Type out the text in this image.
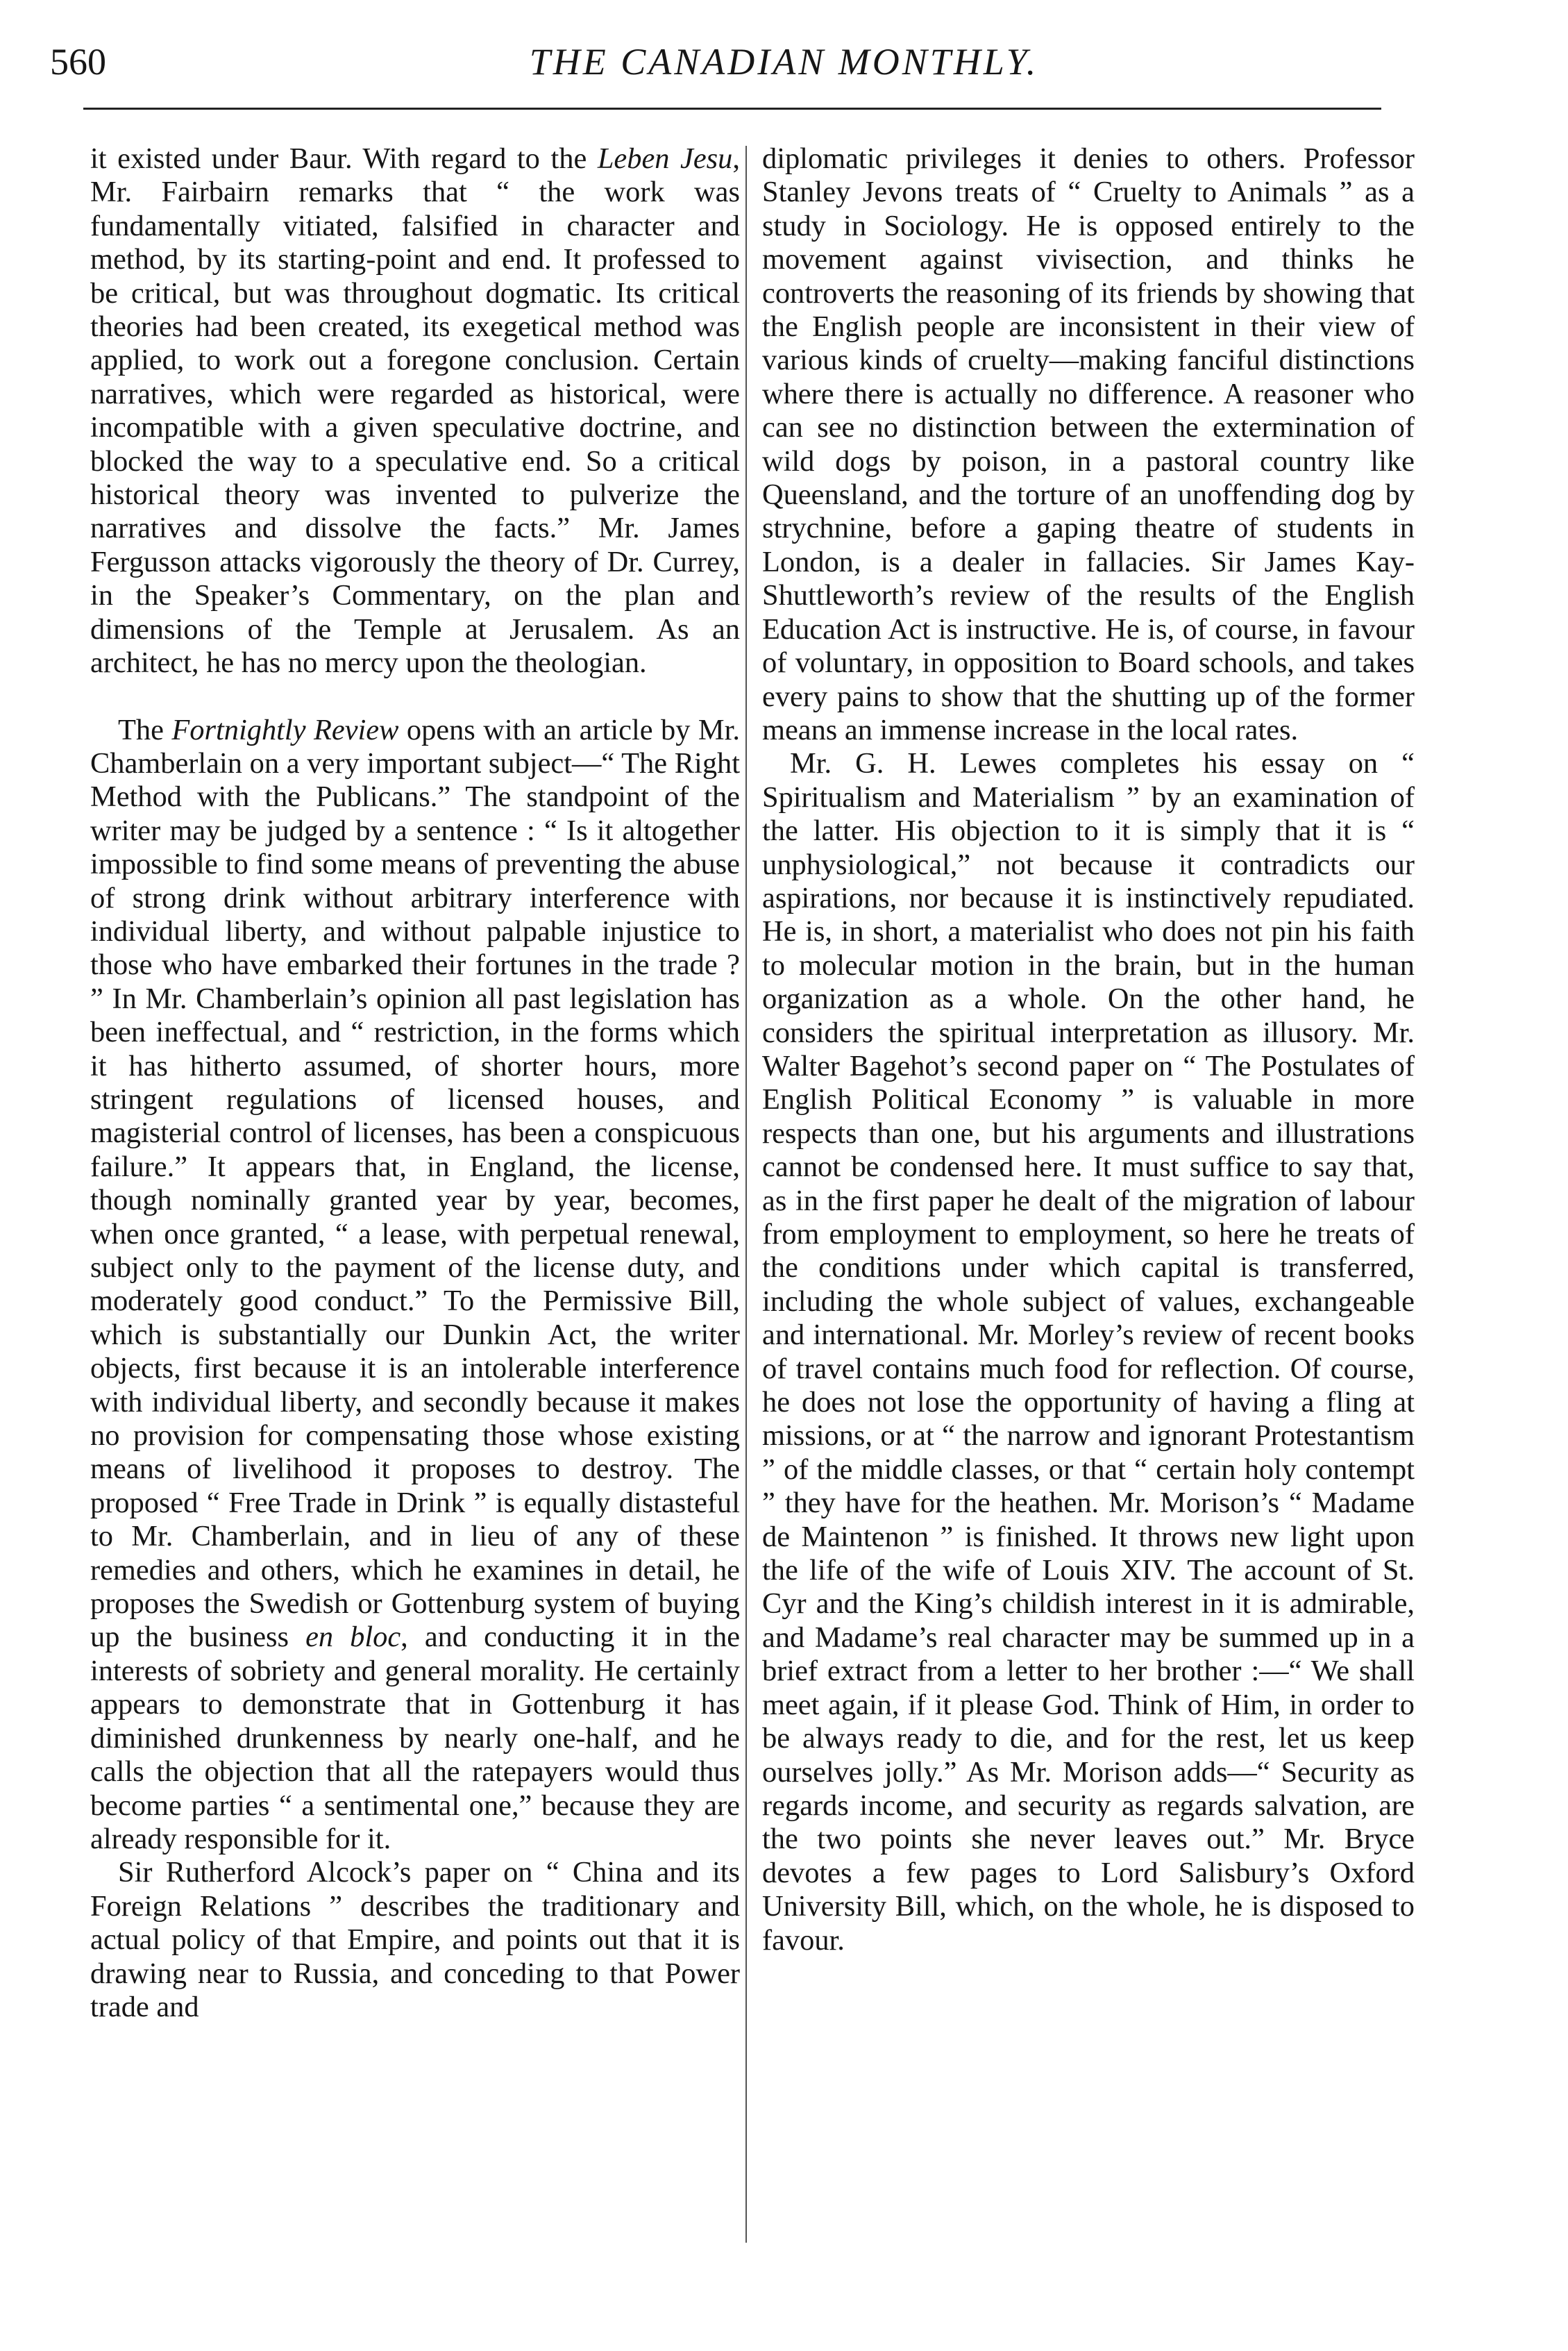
560	THE CANADIAN MONTHLY.

it existed under Baur. With regard to the Leben Jesu, Mr. Fairbairn remarks that “ the work was fundamentally vitiated, falsified in character and method, by its starting-point and end. It professed to be critical, but was throughout dogmatic. Its critical theories had been created, its exegetical method was applied, to work out a foregone conclusion. Certain narratives, which were regarded as historical, were incompatible with a given speculative doctrine, and blocked the way to a speculative end. So a critical historical theory was invented to pulverize the narratives and dissolve the facts.” Mr. James Fergusson attacks vigorously the theory of Dr. Currey, in the Speaker’s Commentary, on the plan and dimensions of the Temple at Jerusalem. As an architect, he has no mercy upon the theologian.

The Fortnightly Review opens with an article by Mr. Chamberlain on a very important subject—“ The Right Method with the Publicans.” The standpoint of the writer may be judged by a sentence : “ Is it altogether impossible to find some means of preventing the abuse of strong drink without arbitrary interference with individual liberty, and without palpable injustice to those who have embarked their fortunes in the trade ? ” In Mr. Chamberlain’s opinion all past legislation has been ineffectual, and “ restriction, in the forms which it has hitherto assumed, of shorter hours, more stringent regulations of licensed houses, and magisterial control of licenses, has been a conspicuous failure.” It appears that, in England, the license, though nominally granted year by year, becomes, when once granted, “ a lease, with perpetual renewal, subject only to the payment of the license duty, and moderately good conduct.” To the Permissive Bill, which is substantially our Dunkin Act, the writer objects, first because it is an intolerable interference with individual liberty, and secondly because it makes no provision for compensating those whose existing means of livelihood it proposes to destroy. The proposed “ Free Trade in Drink ” is equally distasteful to Mr. Chamberlain, and in lieu of any of these remedies and others, which he examines in detail, he proposes the Swedish or Gottenburg system of buying up the business en bloc, and conducting it in the interests of sobriety and general morality. He certainly appears to demonstrate that in Gottenburg it has diminished drunkenness by nearly one-half, and he calls the objection that all the ratepayers would thus become parties “ a sentimental one,” because they are already responsible for it.

Sir Rutherford Alcock’s paper on “ China and its Foreign Relations ” describes the traditionary and actual policy of that Empire, and points out that it is drawing near to Russia, and conceding to that Power trade and

diplomatic privileges it denies to others. Professor Stanley Jevons treats of “ Cruelty to Animals ” as a study in Sociology. He is opposed entirely to the movement against vivisection, and thinks he controverts the reasoning of its friends by showing that the English people are inconsistent in their view of various kinds of cruelty—making fanciful distinctions where there is actually no difference. A reasoner who can see no distinction between the extermination of wild dogs by poison, in a pastoral country like Queensland, and the torture of an unoffending dog by strychnine, before a gaping theatre of students in London, is a dealer in fallacies. Sir James Kay-Shuttleworth’s review of the results of the English Education Act is instructive. He is, of course, in favour of voluntary, in opposition to Board schools, and takes every pains to show that the shutting up of the former means an immense increase in the local rates.

Mr. G. H. Lewes completes his essay on “ Spiritualism and Materialism ” by an examination of the latter. His objection to it is simply that it is “ unphysiological,” not because it contradicts our aspirations, nor because it is instinctively repudiated. He is, in short, a materialist who does not pin his faith to molecular motion in the brain, but in the human organization as a whole. On the other hand, he considers the spiritual interpretation as illusory. Mr. Walter Bagehot’s second paper on “ The Postulates of English Political Economy ” is valuable in more respects than one, but his arguments and illustrations cannot be condensed here. It must suffice to say that, as in the first paper he dealt of the migration of labour from employment to employment, so here he treats of the conditions under which capital is transferred, including the whole subject of values, exchangeable and international. Mr. Morley’s review of recent books of travel contains much food for reflection. Of course, he does not lose the opportunity of having a fling at missions, or at “ the narrow and ignorant Protestantism ” of the middle classes, or that “ certain holy contempt ” they have for the heathen. Mr. Morison’s “ Madame de Maintenon ” is finished. It throws new light upon the life of the wife of Louis XIV. The account of St. Cyr and the King’s childish interest in it is admirable, and Madame’s real character may be summed up in a brief extract from a letter to her brother :—“ We shall meet again, if it please God. Think of Him, in order to be always ready to die, and for the rest, let us keep ourselves jolly.” As Mr. Morison adds—“ Security as regards income, and security as regards salvation, are the two points she never leaves out.” Mr. Bryce devotes a few pages to Lord Salisbury’s Oxford University Bill, which, on the whole, he is disposed to favour.
